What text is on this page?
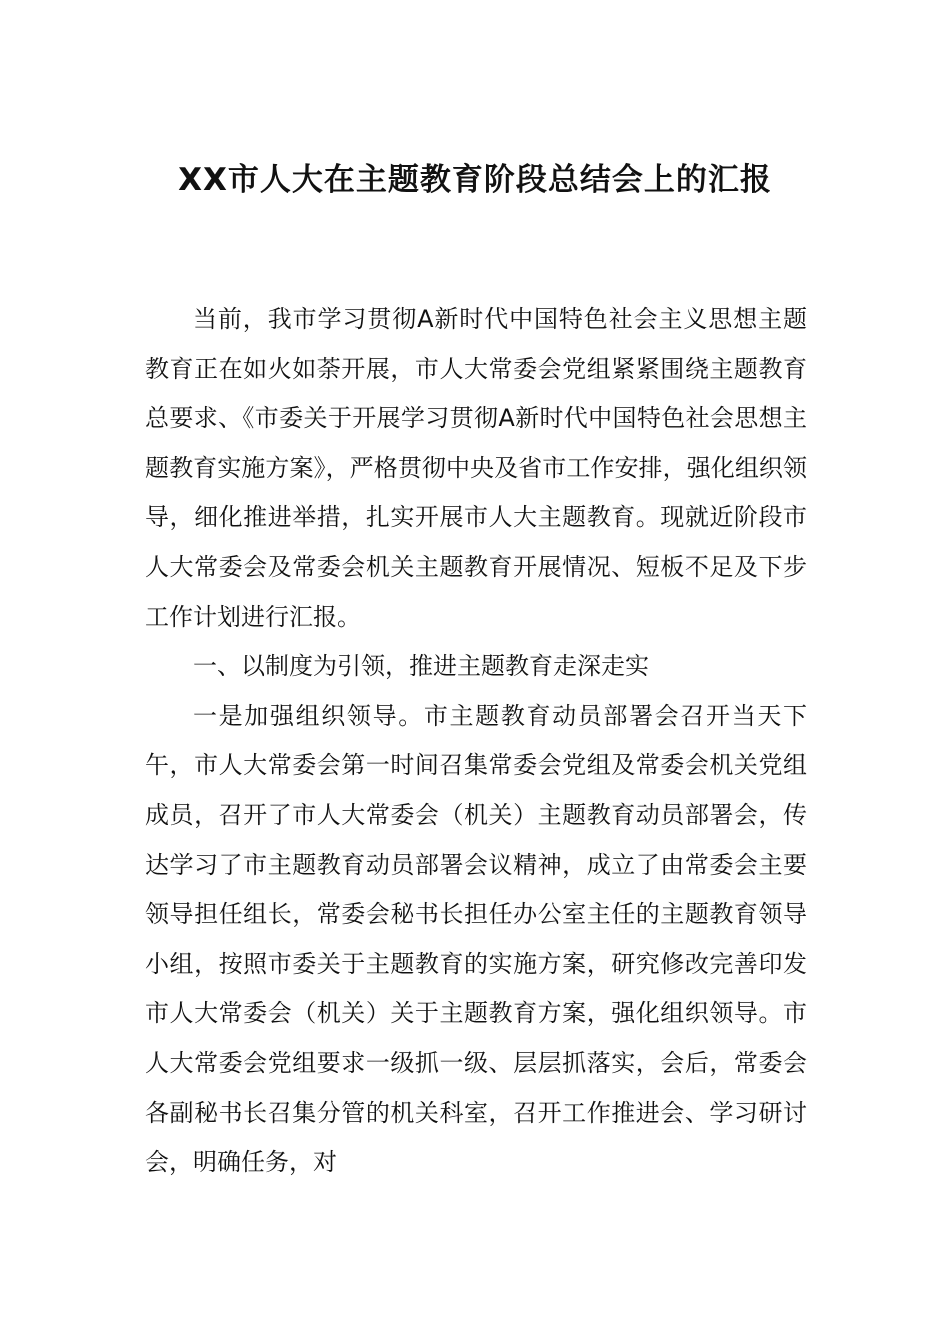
XX市人大在主题教育阶段总结会上的汇报

当前，我市学习贯彻A新时代中国特色社会主义思想主题教育正在如火如荼开展，市人大常委会党组紧紧围绕主题教育总要求、《市委关于开展学习贯彻A新时代中国特色社会思想主题教育实施方案》，严格贯彻中央及省市工作安排，强化组织领导，细化推进举措，扎实开展市人大主题教育。现就近阶段市人大常委会及常委会机关主题教育开展情况、短板不足及下步工作计划进行汇报。

一、以制度为引领，推进主题教育走深走实

一是加强组织领导。市主题教育动员部署会召开当天下午，市人大常委会第一时间召集常委会党组及常委会机关党组成员，召开了市人大常委会（机关）主题教育动员部署会，传达学习了市主题教育动员部署会议精神，成立了由常委会主要领导担任组长，常委会秘书长担任办公室主任的主题教育领导小组，按照市委关于主题教育的实施方案，研究修改完善印发市人大常委会（机关）关于主题教育方案，强化组织领导。市人大常委会党组要求一级抓一级、层层抓落实，会后，常委会各副秘书长召集分管的机关科室，召开工作推进会、学习研讨会，明确任务，对
